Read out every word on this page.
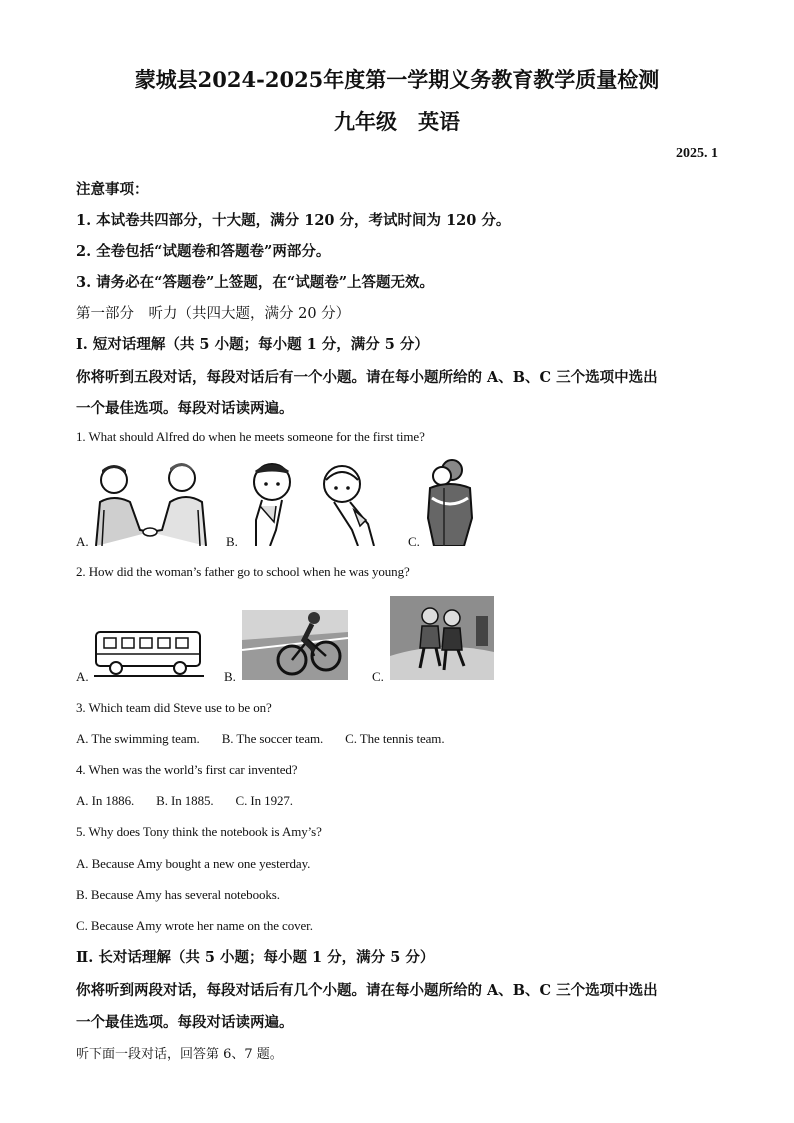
蒙城县2024-2025年度第一学期义务教育教学质量检测
九年级　英语
2025. 1
注意事项：
1. 本试卷共四部分，十大题，满分 120 分，考试时间为 120 分。
2. 全卷包括“试题卷和答题卷”两部分。
3. 请务必在“答题卷”上签题，在“试题卷”上答题无效。
第一部分　听力（共四大题，满分 20 分）
Ⅰ. 短对话理解（共 5 小题；每小题 1 分，满分 5 分）
你将听到五段对话，每段对话后有一个小题。请在每小题所给的 A、B、C 三个选项中选出
一个最佳选项。每段对话读两遍。
1. What should Alfred do when he meets someone for the first time?
A.	B.	C.
2. How did the woman’s father go to school when he was young?
A.	B.	C.
3. Which team did Steve use to be on?
A. The swimming team. B. The soccer team. C. The tennis team.
4. When was the world’s first car invented?
A. In 1886. B. In 1885. C. In 1927.
5. Why does Tony think the notebook is Amy’s?
A. Because Amy bought a new one yesterday.
B. Because Amy has several notebooks.
C. Because Amy wrote her name on the cover.
Ⅱ. 长对话理解（共 5 小题；每小题 1 分，满分 5 分）
你将听到两段对话，每段对话后有几个小题。请在每小题所给的 A、B、C 三个选项中选出
一个最佳选项。每段对话读两遍。
听下面一段对话，回答第 6、7 题。
